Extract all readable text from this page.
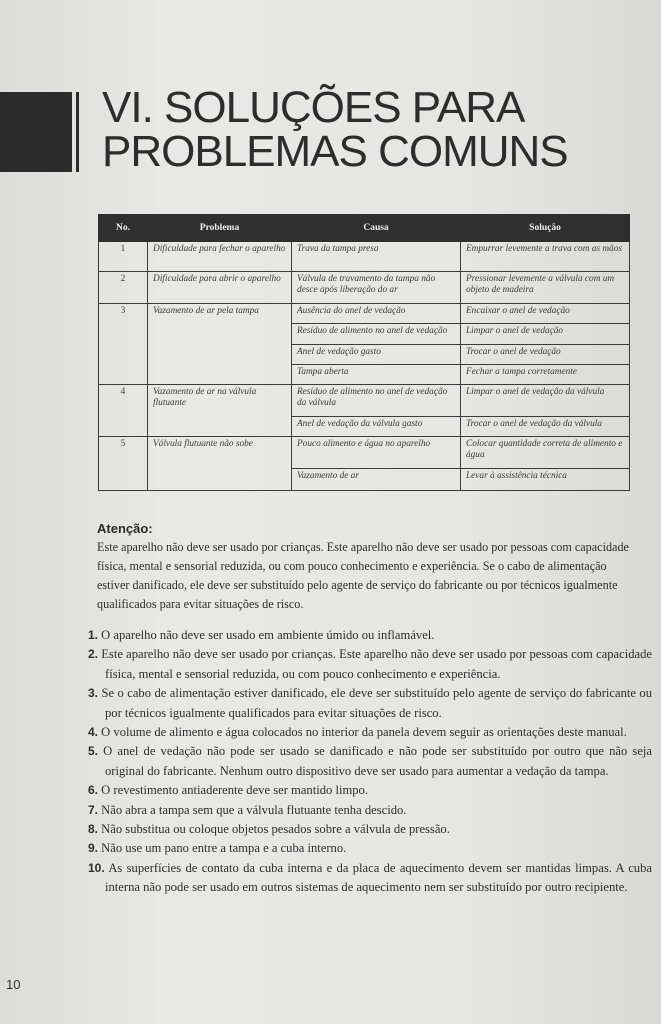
VI. SOLUÇÕES PARA
PROBLEMAS COMUNS
No.	Problema	Causa	Solução
1	Dificuldade para fechar o aparelho	Trava da tampa presa	Empurrar levemente a trava com as mãos
2	Dificuldade para abrir o aparelho	Válvula de travamento da tampa não desce após liberação do ar	Pressionar levemente a válvula com um objeto de madeira
3	Vazamento de ar pela tampa	Ausência do anel de vedação	Encaixar o anel de vedação
		Resíduo de alimento no anel de vedação	Limpar o anel de vedação
		Anel de vedação gasto	Trocar o anel de vedação
		Tampa aberta	Fechar a tampa corretamente
4	Vazamento de ar na válvula flutuante	Resíduo de alimento no anel de vedação da válvula	Limpar o anel de vedação da válvula
		Anel de vedação da válvula gasto	Trocar o anel de vedação da válvula
5	Válvula flutuante não sobe	Pouco alimento e água no aparelho	Colocar quantidade correta de alimento e água
		Vazamento de ar	Levar à assistência técnica

Atenção:

Este aparelho não deve ser usado por crianças. Este aparelho não deve ser usado por pessoas com capacidade física, mental e sensorial reduzida, ou com pouco conhecimento e experiência. Se o cabo de alimentação estiver danificado, ele deve ser substituído pelo agente de serviço do fabricante ou por técnicos igualmente qualificados para evitar situações de risco.

1. O aparelho não deve ser usado em ambiente úmido ou inflamável.
2. Este aparelho não deve ser usado por crianças. Este aparelho não deve ser usado por pessoas com capacidade física, mental e sensorial reduzida, ou com pouco conhecimento e experiência.
3. Se o cabo de alimentação estiver danificado, ele deve ser substituído pelo agente de serviço do fabricante ou por técnicos igualmente qualificados para evitar situações de risco.
4. O volume de alimento e água colocados no interior da panela devem seguir as orientações deste manual.
5. O anel de vedação não pode ser usado se danificado e não pode ser substituído por outro que não seja original do fabricante. Nenhum outro dispositivo deve ser usado para aumentar a vedação da tampa.
6. O revestimento antiaderente deve ser mantido limpo.
7. Não abra a tampa sem que a válvula flutuante tenha descido.
8. Não substitua ou coloque objetos pesados sobre a válvula de pressão.
9. Não use um pano entre a tampa e a cuba interno.
10. As superfícies de contato da cuba interna e da placa de aquecimento devem ser mantidas limpas. A cuba interna não pode ser usado em outros sistemas de aquecimento nem ser substituído por outro recipiente.
10
